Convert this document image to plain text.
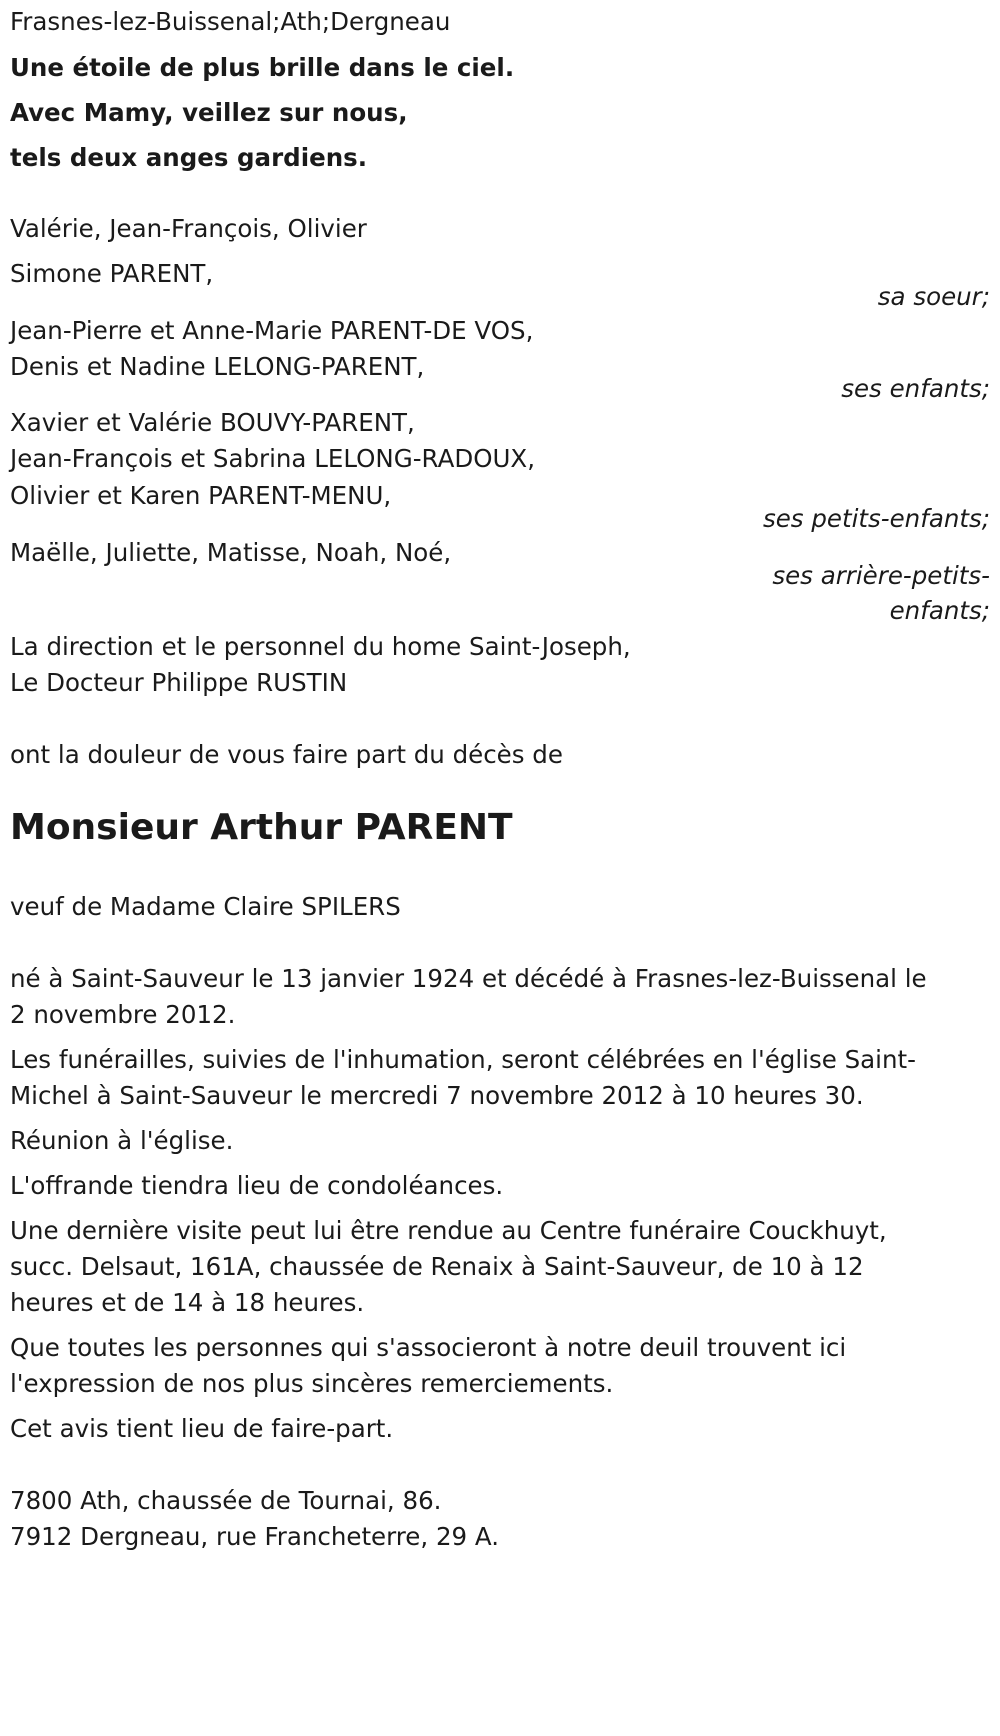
Frasnes-lez-Buissenal;Ath;Dergneau
Une étoile de plus brille dans le ciel.
Avec Mamy, veillez sur nous,
tels deux anges gardiens.
Valérie, Jean-François, Olivier
Simone PARENT,
sa soeur;
Jean-Pierre et Anne-Marie PARENT-DE VOS,
Denis et Nadine LELONG-PARENT,
ses enfants;
Xavier et Valérie BOUVY-PARENT,
Jean-François et Sabrina LELONG-RADOUX,
Olivier et Karen PARENT-MENU,
ses petits-enfants;
Maëlle, Juliette, Matisse, Noah, Noé,
ses arrière-petits-
enfants;
La direction et le personnel du home Saint-Joseph,
Le Docteur Philippe RUSTIN
ont la douleur de vous faire part du décès de
Monsieur Arthur PARENT
veuf de Madame Claire SPILERS
né à Saint-Sauveur le 13 janvier 1924 et décédé à Frasnes-lez-Buissenal le
2 novembre 2012.
Les funérailles, suivies de l'inhumation, seront célébrées en l'église Saint-
Michel à Saint-Sauveur le mercredi 7 novembre 2012 à 10 heures 30.
Réunion à l'église.
L'offrande tiendra lieu de condoléances.
Une dernière visite peut lui être rendue au Centre funéraire Couckhuyt,
succ. Delsaut, 161A, chaussée de Renaix à Saint-Sauveur, de 10 à 12
heures et de 14 à 18 heures.
Que toutes les personnes qui s'associeront à notre deuil trouvent ici
l'expression de nos plus sincères remerciements.
Cet avis tient lieu de faire-part.
7800 Ath, chaussée de Tournai, 86.
7912 Dergneau, rue Francheterre, 29 A.
